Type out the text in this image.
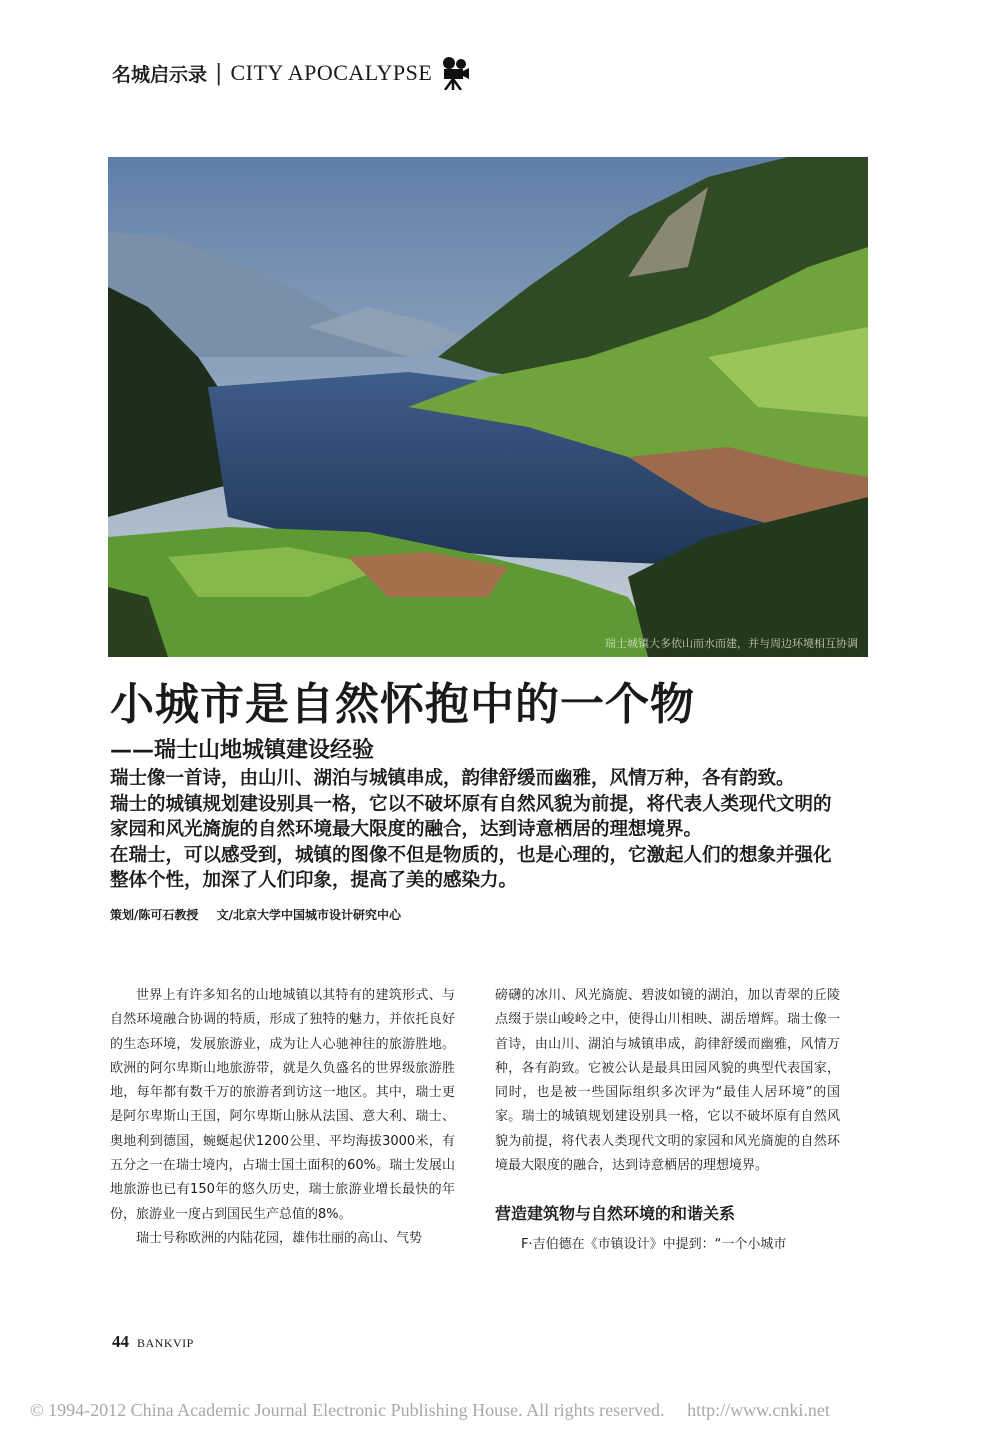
名城启示录 | CITY APOCALYPSE
瑞士城镇大多依山而水而建，并与周边环境相互协调
小城市是自然怀抱中的一个物
——瑞士山地城镇建设经验

瑞士像一首诗，由山川、湖泊与城镇串成，韵律舒缓而幽雅，风情万种，各有韵致。

瑞士的城镇规划建设别具一格，它以不破坏原有自然风貌为前提，将代表人类现代文明的家园和风光旖旎的自然环境最大限度的融合，达到诗意栖居的理想境界。

在瑞士，可以感受到，城镇的图像不但是物质的，也是心理的，它激起人们的想象并强化整体个性，加深了人们印象，提高了美的感染力。

策划/陈可石教授 文/北京大学中国城市设计研究中心

世界上有许多知名的山地城镇以其特有的建筑形式、与自然环境融合协调的特质，形成了独特的魅力，并依托良好的生态环境，发展旅游业，成为让人心驰神往的旅游胜地。欧洲的阿尔卑斯山地旅游带，就是久负盛名的世界级旅游胜地，每年都有数千万的旅游者到访这一地区。其中，瑞士更是阿尔卑斯山王国，阿尔卑斯山脉从法国、意大利、瑞士、奥地利到德国，蜿蜒起伏1200公里、平均海拔3000米，有五分之一在瑞士境内，占瑞士国土面积的60%。瑞士发展山地旅游也已有150年的悠久历史，瑞士旅游业增长最快的年份，旅游业一度占到国民生产总值的8%。

瑞士号称欧洲的内陆花园，雄伟壮丽的高山、气势

磅礴的冰川、风光旖旎、碧波如镜的湖泊，加以青翠的丘陵点缀于崇山峻岭之中，使得山川相映、湖岳增辉。瑞士像一首诗，由山川、湖泊与城镇串成，韵律舒缓而幽雅，风情万种，各有韵致。它被公认是最具田园风貌的典型代表国家，同时，也是被一些国际组织多次评为“最佳人居环境”的国家。瑞士的城镇规划建设别具一格，它以不破坏原有自然风貌为前提，将代表人类现代文明的家园和风光旖旎的自然环境最大限度的融合，达到诗意栖居的理想境界。

营造建筑物与自然环境的和谐关系

F·吉伯德在《市镇设计》中提到：“一个小城市

44 BANKVIP
© 1994-2012 China Academic Journal Electronic Publishing House. All rights reserved. http://www.cnki.net
